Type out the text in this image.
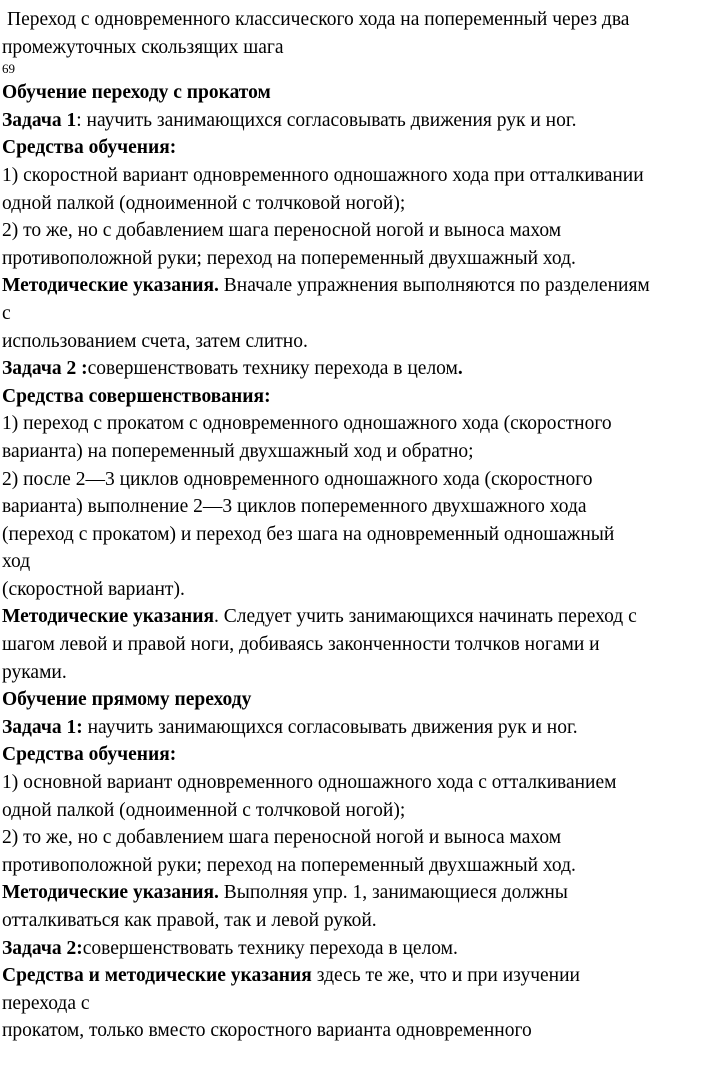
Переход с одновременного классического хода на попеременный через два
промежуточных скользящих шага
69
Обучение переходу с прокатом
Задача 1: научить занимающихся согласовывать движения рук и ног.
Средства обучения:
1) скоростной вариант одновременного одношажного хода при отталкивании
одной палкой (одноименной с толчковой ногой);
2) то же, но с добавлением шага переносной ногой и выноса махом
противоположной руки; переход на попеременный двухшажный ход.
Методические указания. Вначале упражнения выполняются по разделениям
с
использованием счета, затем слитно.
Задача 2 :совершенствовать технику перехода в целом.
Средства совершенствования:
1) переход с прокатом с одновременного одношажного хода (скоростного
варианта) на попеременный двухшажный ход и обратно;
2) после 2—3 циклов одновременного одношажного хода (скоростного
варианта) выполнение 2—3 циклов попеременного двухшажного хода
(переход с прокатом) и переход без шага на одновременный одношажный
ход
(скоростной вариант).
Методические указания. Следует учить занимающихся начинать переход с
шагом левой и правой ноги, добиваясь законченности толчков ногами и
руками.
Обучение прямому переходу
Задача 1: научить занимающихся согласовывать движения рук и ног.
Средства обучения:
1) основной вариант одновременного одношажного хода с отталкиванием
одной палкой (одноименной с толчковой ногой);
2) то же, но с добавлением шага переносной ногой и выноса махом
противоположной руки; переход на попеременный двухшажный ход.
Методические указания. Выполняя упр. 1, занимающиеся должны
отталкиваться как правой, так и левой рукой.
Задача 2:совершенствовать технику перехода в целом.
Средства и методические указания здесь те же, что и при изучении
перехода с
прокатом, только вместо скоростного варианта одновременного
